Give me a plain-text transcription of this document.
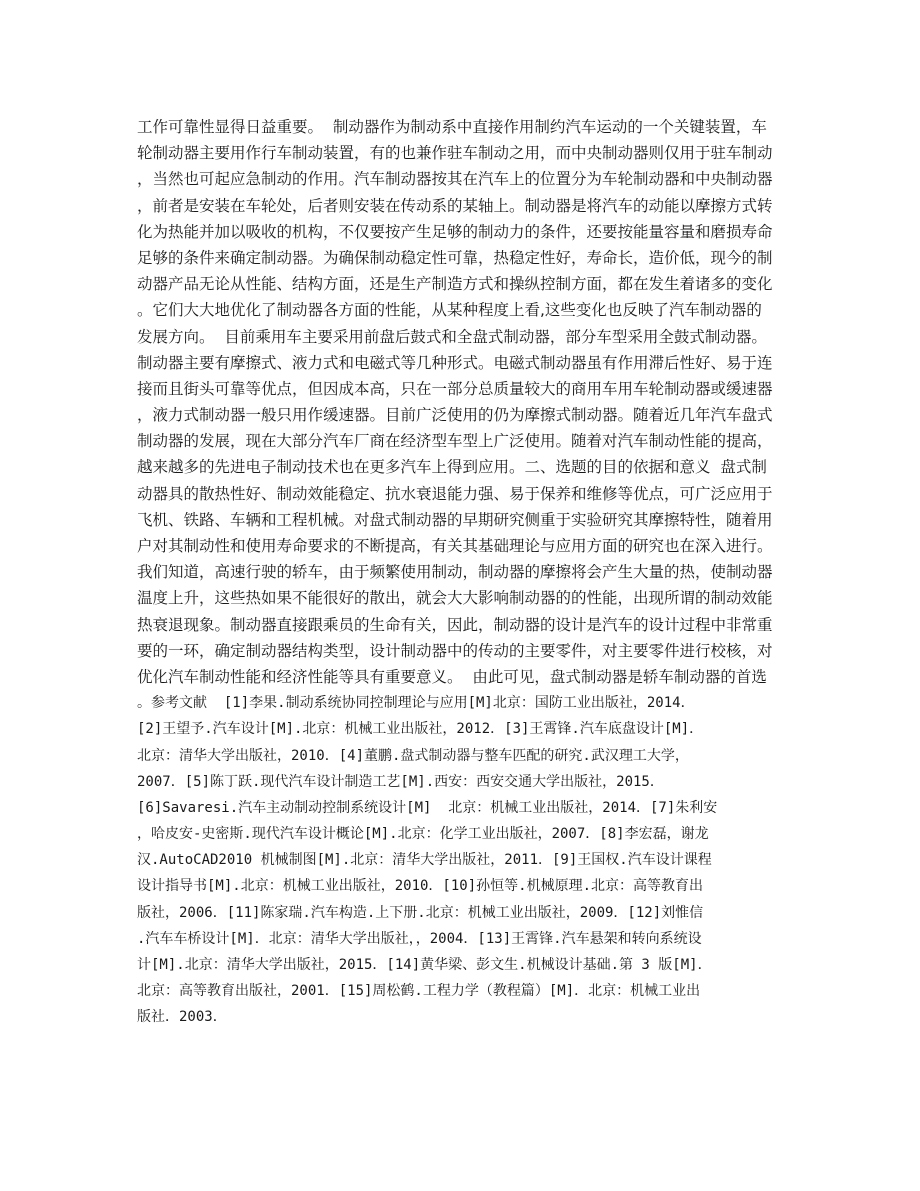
工作可靠性显得日益重要。  制动器作为制动系中直接作用制约汽车运动的一个关键装置，车
轮制动器主要用作行车制动装置，有的也兼作驻车制动之用，而中央制动器则仅用于驻车制动
，当然也可起应急制动的作用。汽车制动器按其在汽车上的位置分为车轮制动器和中央制动器
，前者是安装在车轮处，后者则安装在传动系的某轴上。制动器是将汽车的动能以摩擦方式转
化为热能并加以吸收的机构，不仅要按产生足够的制动力的条件，还要按能量容量和磨损寿命
足够的条件来确定制动器。为确保制动稳定性可靠，热稳定性好，寿命长，造价低，现今的制
动器产品无论从性能、结构方面，还是生产制造方式和操纵控制方面，都在发生着诸多的变化
。它们大大地优化了制动器各方面的性能，从某种程度上看,这些变化也反映了汽车制动器的
发展方向。  目前乘用车主要采用前盘后鼓式和全盘式制动器，部分车型采用全鼓式制动器。
制动器主要有摩擦式、液力式和电磁式等几种形式。电磁式制动器虽有作用滞后性好、易于连
接而且街头可靠等优点，但因成本高，只在一部分总质量较大的商用车用车轮制动器或缓速器
，液力式制动器一般只用作缓速器。目前广泛使用的仍为摩擦式制动器。随着近几年汽车盘式
制动器的发展，现在大部分汽车厂商在经济型车型上广泛使用。随着对汽车制动性能的提高，
越来越多的先进电子制动技术也在更多汽车上得到应用。二、选题的目的依据和意义  盘式制
动器具的散热性好、制动效能稳定、抗水衰退能力强、易于保养和维修等优点，可广泛应用于
飞机、铁路、车辆和工程机械。对盘式制动器的早期研究侧重于实验研究其摩擦特性，随着用
户对其制动性和使用寿命要求的不断提高，有关其基础理论与应用方面的研究也在深入进行。
我们知道，高速行驶的轿车，由于频繁使用制动，制动器的摩擦将会产生大量的热，使制动器
温度上升，这些热如果不能很好的散出，就会大大影响制动器的的性能，出现所谓的制动效能
热衰退现象。制动器直接跟乘员的生命有关，因此，制动器的设计是汽车的设计过程中非常重
要的一环，确定制动器结构类型，设计制动器中的传动的主要零件，对主要零件进行校核，对
优化汽车制动性能和经济性能等具有重要意义。  由此可见，盘式制动器是轿车制动器的首选
。参考文献  [1]李果.制动系统协同控制理论与应用[M]北京：国防工业出版社，2014．
[2]王望予.汽车设计[M].北京：机械工业出版社，2012．[3]王霄锋.汽车底盘设计[M]．
北京：清华大学出版社，2010．[4]董鹏.盘式制动器与整车匹配的研究.武汉理工大学，
2007．[5]陈丁跃.现代汽车设计制造工艺[M].西安：西安交通大学出版社，2015．
[6]Savaresi.汽车主动制动控制系统设计[M]  北京：机械工业出版社，2014．[7]朱利安
，哈皮安-史密斯.现代汽车设计概论[M].北京：化学工业出版社，2007．[8]李宏磊，谢龙
汉.AutoCAD2010 机械制图[M].北京：清华大学出版社，2011．[9]王国权.汽车设计课程
设计指导书[M].北京：机械工业出版社，2010．[10]孙恒等.机械原理.北京：高等教育出
版社，2006．[11]陈家瑞.汽车构造.上下册.北京：机械工业出版社，2009．[12]刘惟信
.汽车车桥设计[M]．北京：清华大学出版社，，2004．[13]王霄锋.汽车悬架和转向系统设
计[M].北京：清华大学出版社，2015．[14]黄华梁、彭文生.机械设计基础.第 3 版[M]．
北京：高等教育出版社，2001．[15]周松鹤.工程力学（教程篇）[M]．北京：机械工业出
版社．2003．
